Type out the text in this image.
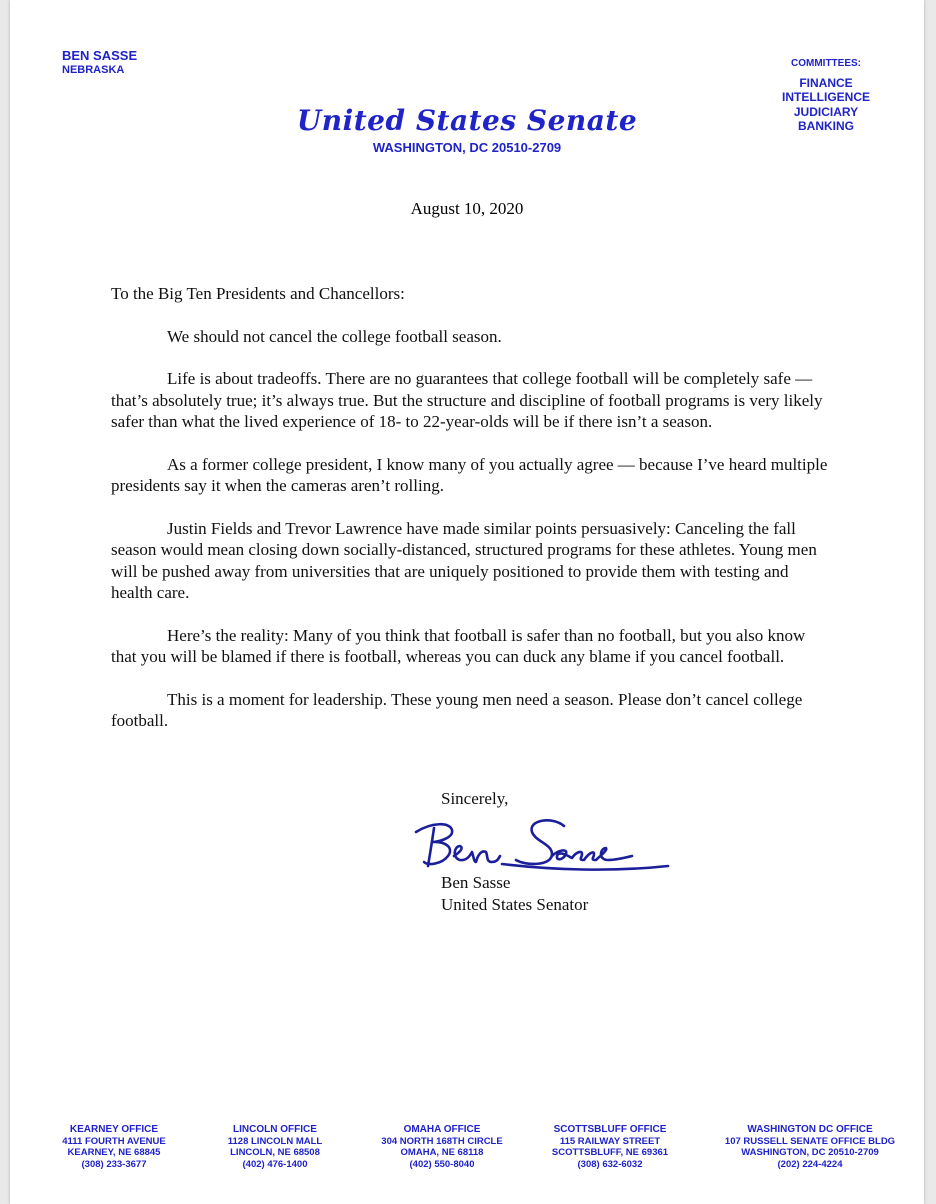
BEN SASSE
NEBRASKA
COMMITTEES:
FINANCE
INTELLIGENCE
JUDICIARY
BANKING
United States Senate
WASHINGTON, DC 20510-2709
August 10, 2020

To the Big Ten Presidents and Chancellors:

We should not cancel the college football season.

Life is about tradeoffs. There are no guarantees that college football will be completely safe — that’s absolutely true; it’s always true. But the structure and discipline of football programs is very likely safer than what the lived experience of 18- to 22-year-olds will be if there isn’t a season.

As a former college president, I know many of you actually agree — because I’ve heard multiple presidents say it when the cameras aren’t rolling.

Justin Fields and Trevor Lawrence have made similar points persuasively: Canceling the fall season would mean closing down socially-distanced, structured programs for these athletes. Young men will be pushed away from universities that are uniquely positioned to provide them with testing and health care.

Here’s the reality: Many of you think that football is safer than no football, but you also know that you will be blamed if there is football, whereas you can duck any blame if you cancel football.

This is a moment for leadership. These young men need a season. Please don’t cancel college football.

Sincerely,
Ben Sasse
United States Senator
KEARNEY OFFICE
4111 FOURTH AVENUE
KEARNEY, NE 68845
(308) 233-3677
LINCOLN OFFICE
1128 LINCOLN MALL
LINCOLN, NE 68508
(402) 476-1400
OMAHA OFFICE
304 NORTH 168TH CIRCLE
OMAHA, NE 68118
(402) 550-8040
SCOTTSBLUFF OFFICE
115 RAILWAY STREET
SCOTTSBLUFF, NE 69361
(308) 632-6032
WASHINGTON DC OFFICE
107 RUSSELL SENATE OFFICE BLDG
WASHINGTON, DC 20510-2709
(202) 224-4224
